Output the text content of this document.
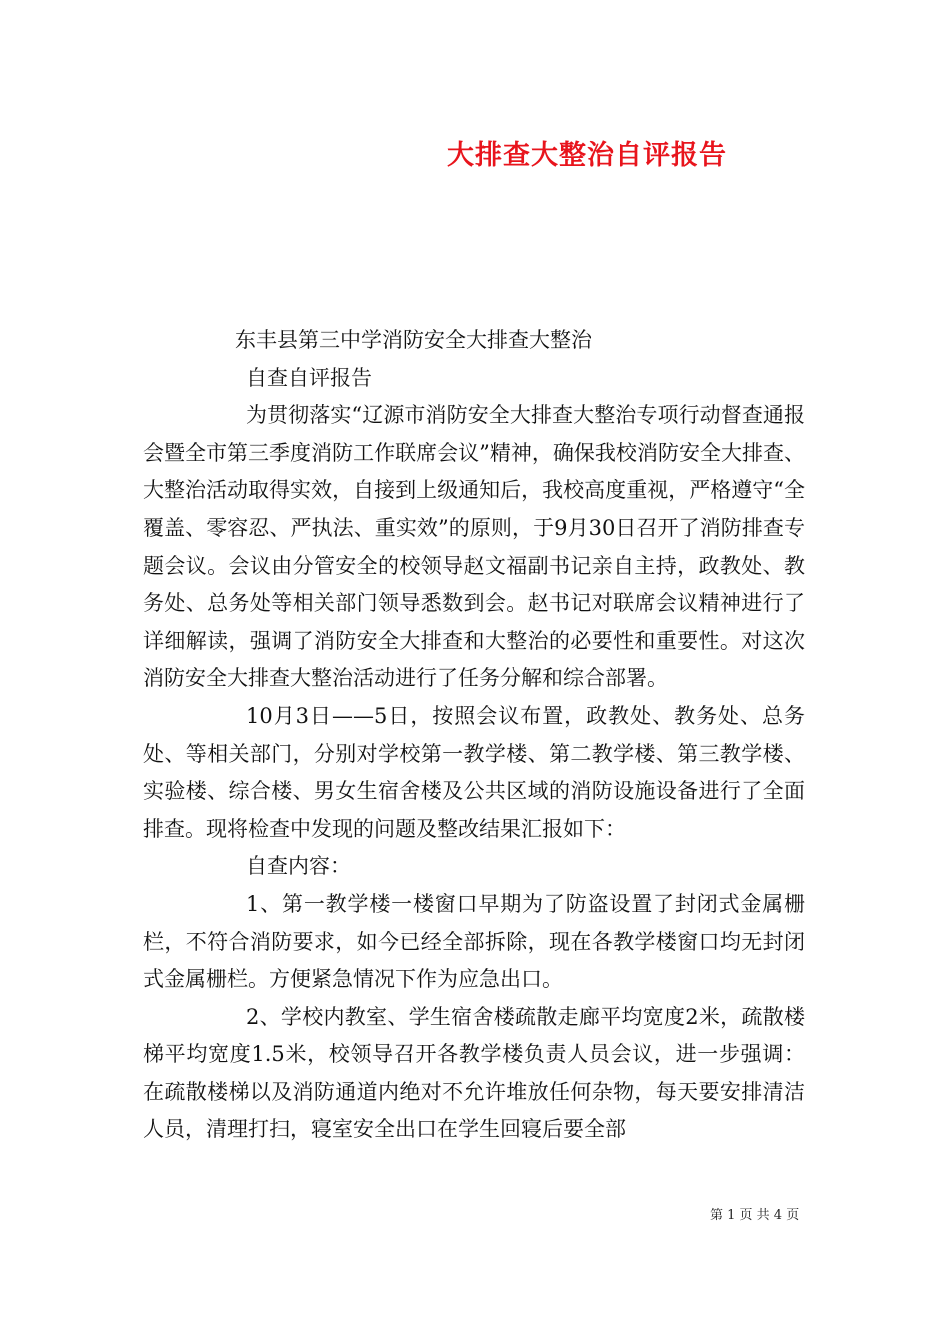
大排查大整治自评报告

东丰县第三中学消防安全大排查大整治

自查自评报告

为贯彻落实“辽源市消防安全大排查大整治专项行动督查通报会暨全市第三季度消防工作联席会议”精神，确保我校消防安全大排查、大整治活动取得实效，自接到上级通知后，我校高度重视，严格遵守“全覆盖、零容忍、严执法、重实效”的原则，于9月30日召开了消防排查专题会议。会议由分管安全的校领导赵文福副书记亲自主持，政教处、教务处、总务处等相关部门领导悉数到会。赵书记对联席会议精神进行了详细解读，强调了消防安全大排查和大整治的必要性和重要性。对这次消防安全大排查大整治活动进行了任务分解和综合部署。

10月3日——5日，按照会议布置，政教处、教务处、总务处、等相关部门，分别对学校第一教学楼、第二教学楼、第三教学楼、实验楼、综合楼、男女生宿舍楼及公共区域的消防设施设备进行了全面排查。现将检查中发现的问题及整改结果汇报如下：

自查内容：

1、第一教学楼一楼窗口早期为了防盗设置了封闭式金属栅栏，不符合消防要求，如今已经全部拆除，现在各教学楼窗口均无封闭式金属栅栏。方便紧急情况下作为应急出口。

2、学校内教室、学生宿舍楼疏散走廊平均宽度2米，疏散楼梯平均宽度1.5米，校领导召开各教学楼负责人员会议，进一步强调：在疏散楼梯以及消防通道内绝对不允许堆放任何杂物，每天要安排清洁人员，清理打扫，寝室安全出口在学生回寝后要全部

第 1 页 共 4 页
